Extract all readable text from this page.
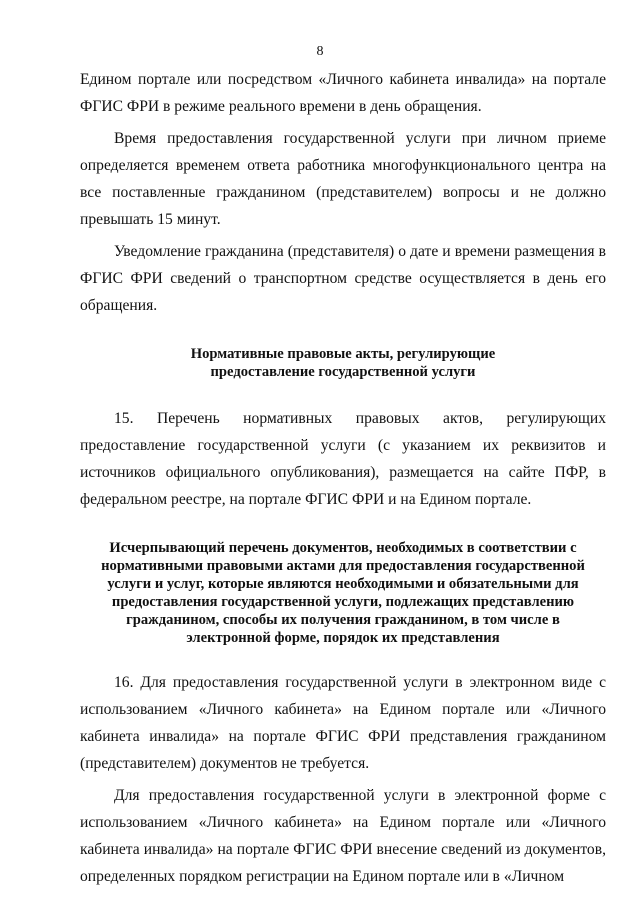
8

Едином портале или посредством «Личного кабинета инвалида» на портале ФГИС ФРИ в режиме реального времени в день обращения.

Время предоставления государственной услуги при личном приеме определяется временем ответа работника многофункционального центра на все поставленные гражданином (представителем) вопросы и не должно превышать 15 минут.

Уведомление гражданина (представителя) о дате и времени размещения в ФГИС ФРИ сведений о транспортном средстве осуществляется в день его обращения.

Нормативные правовые акты, регулирующие
предоставление государственной услуги

15. Перечень нормативных правовых актов, регулирующих предоставление государственной услуги (с указанием их реквизитов и источников официального опубликования), размещается на сайте ПФР, в федеральном реестре, на портале ФГИС ФРИ и на Едином портале.

Исчерпывающий перечень документов, необходимых в соответствии с
нормативными правовыми актами для предоставления государственной
услуги и услуг, которые являются необходимыми и обязательными для
предоставления государственной услуги, подлежащих представлению
гражданином, способы их получения гражданином, в том числе в
электронной форме, порядок их представления

16. Для предоставления государственной услуги в электронном виде с использованием «Личного кабинета» на Едином портале или «Личного кабинета инвалида» на портале ФГИС ФРИ представления гражданином (представителем) документов не требуется.

Для предоставления государственной услуги в электронной форме с использованием «Личного кабинета» на Едином портале или «Личного кабинета инвалида» на портале ФГИС ФРИ внесение сведений из документов, определенных порядком регистрации на Едином портале или в «Личном
